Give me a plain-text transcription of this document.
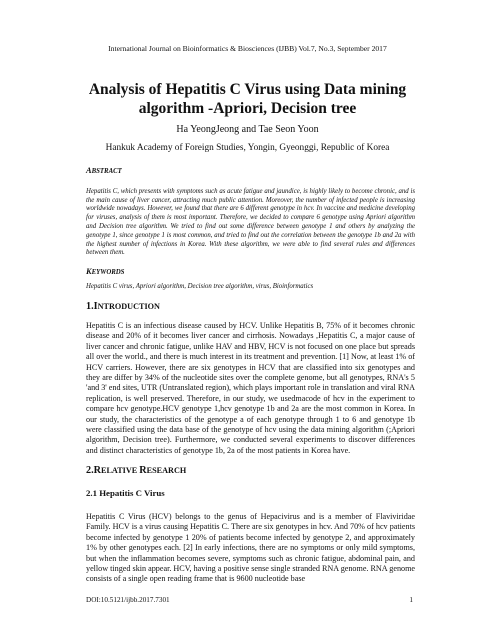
International Journal on Bioinformatics & Biosciences (IJBB) Vol.7, No.3, September 2017
Analysis of Hepatitis C Virus using Data mining
algorithm -Apriori, Decision tree
Ha YeongJeong and Tae Seon Yoon
Hankuk Academy of Foreign Studies, Yongin, Gyeonggi, Republic of Korea
ABSTRACT

Hepatitis C, which presents with symptoms such as acute fatigue and jaundice, is highly likely to become chronic, and is the main cause of liver cancer, attracting much public attention. Moreover, the number of infected people is increasing worldwide nowadays. However, we found that there are 6 different genotype in hcv. In vaccine and medicine developing for viruses, analysis of them is most important. Therefore, we decided to compare 6 genotype using Apriori algorithm and Decision tree algorithm. We tried to find out some difference between genotype 1 and others by analyzing the genotype 1, since genotype 1 is most common, and tried to find out the correlation between the genotype 1b and 2a with the highest number of infections in Korea. With these algorithm, we were able to find several rules and differences between them.

KEYWORDS
Hepatitis C virus, Apriori algorithm, Decision tree algorithm, virus, Bioinformatics
1.INTRODUCTION

Hepatitis C is an infectious disease caused by HCV. Unlike Hepatitis B, 75% of it becomes chronic disease and 20% of it becomes liver cancer and cirrhosis. Nowadays ,Hepatitis C, a major cause of liver cancer and chronic fatigue, unlike HAV and HBV, HCV is not focused on one place but spreads all over the world., and there is much interest in its treatment and prevention. [1] Now, at least 1% of HCV carriers. However, there are six genotypes in HCV that are classified into six genotypes and they are differ by 34% of the nucleotide sites over the complete genome, but all genotypes, RNA's 5 'and 3' end sites, UTR (Untranslated region), which plays important role in translation and viral RNA replication, is well preserved. Therefore, in our study, we usedmacode of hcv in the experiment to compare hcv genotype.HCV genotype 1,hcv genotype 1b and 2a are the most common in Korea. In our study, the characteristics of the genotype a of each genotype through 1 to 6 and genotype 1b were classified using the data base of the genotype of hcv using the data mining algorithm (;Apriori algorithm, Decision tree). Furthermore, we conducted several experiments to discover differences and distinct characteristics of genotype 1b, 2a of the most patients in Korea have.

2.RELATIVE RESEARCH
2.1 Hepatitis C Virus

Hepatitis C Virus (HCV) belongs to the genus of Hepacivirus and is a member of Flaviviridae Family. HCV is a virus causing Hepatitis C. There are six genotypes in hcv. And 70% of hcv patients become infected by genotype 1 20% of patients become infected by genotype 2, and approximately 1% by other genotypes each. [2] In early infections, there are no symptoms or only mild symptoms, but when the inflammation becomes severe, symptoms such as chronic fatigue, abdominal pain, and yellow tinged skin appear. HCV, having a positive sense single stranded RNA genome. RNA genome consists of a single open reading frame that is 9600 nucleotide base

DOI:10.5121/ijbb.2017.7301	1
